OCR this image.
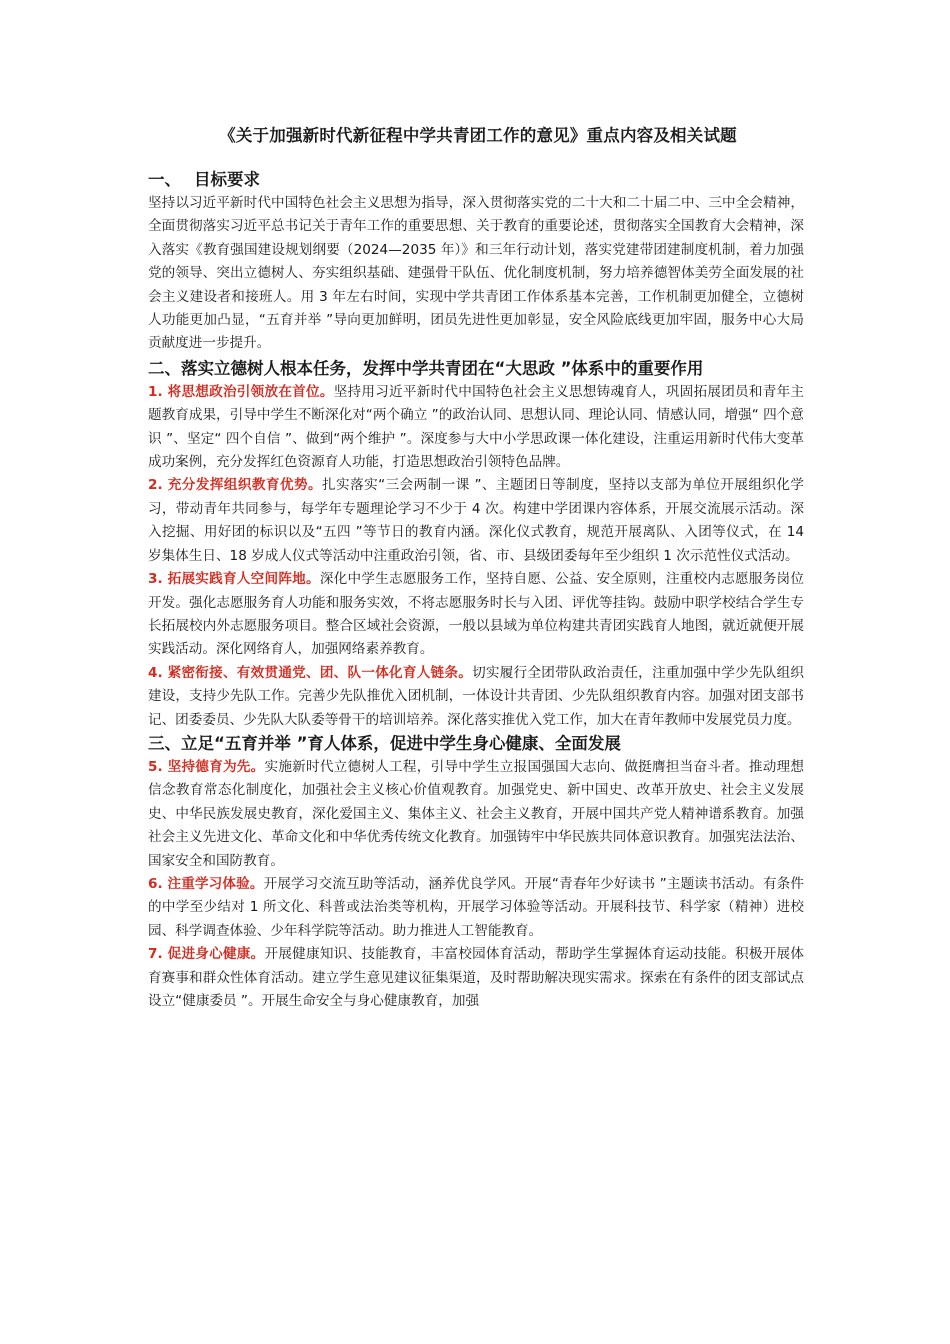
《关于加强新时代新征程中学共青团工作的意见》重点内容及相关试题
一、 目标要求

坚持以习近平新时代中国特色社会主义思想为指导，深入贯彻落实党的二十大和二十届二中、三中全会精神，全面贯彻落实习近平总书记关于青年工作的重要思想、关于教育的重要论述，贯彻落实全国教育大会精神，深入落实《教育强国建设规划纲要（2024—2035 年）》和三年行动计划，落实党建带团建制度机制，着力加强党的领导、突出立德树人、夯实组织基础、建强骨干队伍、优化制度机制，努力培养德智体美劳全面发展的社会主义建设者和接班人。用 3 年左右时间，实现中学共青团工作体系基本完善，工作机制更加健全，立德树人功能更加凸显，“五育并举 ”导向更加鲜明，团员先进性更加彰显，安全风险底线更加牢固，服务中心大局贡献度进一步提升。

二、落实立德树人根本任务，发挥中学共青团在“大思政 ”体系中的重要作用

1. 将思想政治引领放在首位。坚持用习近平新时代中国特色社会主义思想铸魂育人，巩固拓展团员和青年主题教育成果，引导中学生不断深化对“两个确立 ”的政治认同、思想认同、理论认同、情感认同，增强“ 四个意识 ”、坚定“ 四个自信 ”、做到“两个维护 ”。深度参与大中小学思政课一体化建设，注重运用新时代伟大变革成功案例，充分发挥红色资源育人功能，打造思想政治引领特色品牌。

2. 充分发挥组织教育优势。扎实落实“三会两制一课 ”、主题团日等制度，坚持以支部为单位开展组织化学习，带动青年共同参与，每学年专题理论学习不少于 4 次。构建中学团课内容体系，开展交流展示活动。深入挖掘、用好团的标识以及“五四 ”等节日的教育内涵。深化仪式教育，规范开展离队、入团等仪式，在 14 岁集体生日、18 岁成人仪式等活动中注重政治引领，省、市、县级团委每年至少组织 1 次示范性仪式活动。

3. 拓展实践育人空间阵地。深化中学生志愿服务工作，坚持自愿、公益、安全原则，注重校内志愿服务岗位开发。强化志愿服务育人功能和服务实效，不将志愿服务时长与入团、评优等挂钩。鼓励中职学校结合学生专长拓展校内外志愿服务项目。整合区域社会资源，一般以县域为单位构建共青团实践育人地图，就近就便开展实践活动。深化网络育人，加强网络素养教育。

4. 紧密衔接、有效贯通党、团、队一体化育人链条。切实履行全团带队政治责任，注重加强中学少先队组织建设，支持少先队工作。完善少先队推优入团机制，一体设计共青团、少先队组织教育内容。加强对团支部书记、团委委员、少先队大队委等骨干的培训培养。深化落实推优入党工作，加大在青年教师中发展党员力度。

三、立足“五育并举 ”育人体系，促进中学生身心健康、全面发展

5. 坚持德育为先。实施新时代立德树人工程，引导中学生立报国强国大志向、做挺膺担当奋斗者。推动理想信念教育常态化制度化，加强社会主义核心价值观教育。加强党史、新中国史、改革开放史、社会主义发展史、中华民族发展史教育，深化爱国主义、集体主义、社会主义教育，开展中国共产党人精神谱系教育。加强社会主义先进文化、革命文化和中华优秀传统文化教育。加强铸牢中华民族共同体意识教育。加强宪法法治、国家安全和国防教育。

6. 注重学习体验。开展学习交流互助等活动，涵养优良学风。开展“青春年少好读书 ”主题读书活动。有条件的中学至少结对 1 所文化、科普或法治类等机构，开展学习体验等活动。开展科技节、科学家（精神）进校园、科学调查体验、少年科学院等活动。助力推进人工智能教育。

7. 促进身心健康。开展健康知识、技能教育，丰富校园体育活动，帮助学生掌握体育运动技能。积极开展体育赛事和群众性体育活动。建立学生意见建议征集渠道，及时帮助解决现实需求。探索在有条件的团支部试点设立“健康委员 ”。开展生命安全与身心健康教育，加强
